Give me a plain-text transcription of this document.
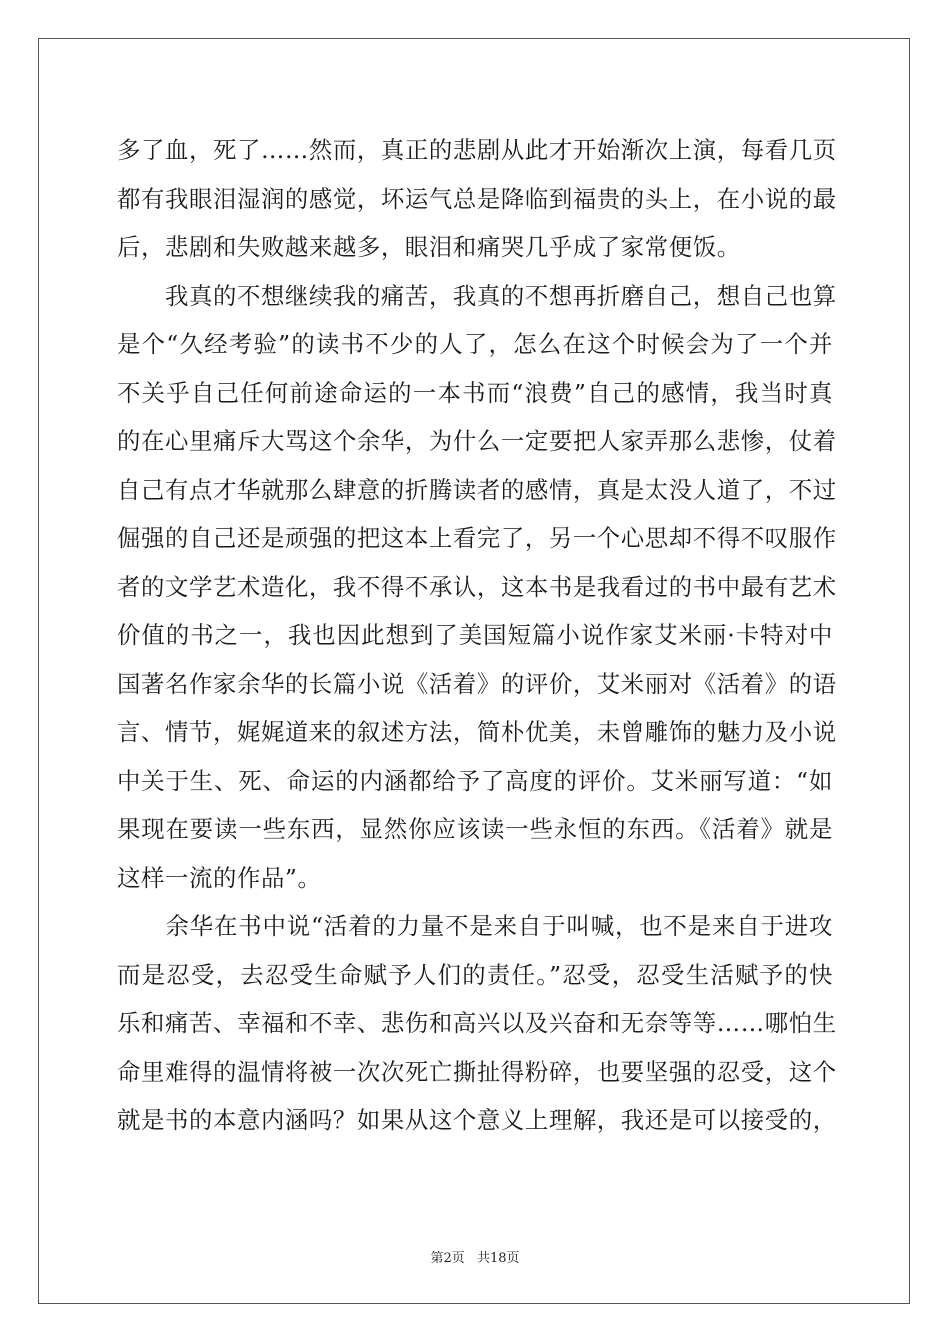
多了血，死了……然而，真正的悲剧从此才开始渐次上演，每看几页
都有我眼泪湿润的感觉，坏运气总是降临到福贵的头上，在小说的最
后，悲剧和失败越来越多，眼泪和痛哭几乎成了家常便饭。
　　我真的不想继续我的痛苦，我真的不想再折磨自己，想自己也算
是个“久经考验”的读书不少的人了，怎么在这个时候会为了一个并
不关乎自己任何前途命运的一本书而“浪费”自己的感情，我当时真
的在心里痛斥大骂这个余华，为什么一定要把人家弄那么悲惨，仗着
自己有点才华就那么肆意的折腾读者的感情，真是太没人道了，不过
倔强的自己还是顽强的把这本上看完了，另一个心思却不得不叹服作
者的文学艺术造化，我不得不承认，这本书是我看过的书中最有艺术
价值的书之一，我也因此想到了美国短篇小说作家艾米丽·卡特对中
国著名作家余华的长篇小说《活着》的评价，艾米丽对《活着》的语
言、情节，娓娓道来的叙述方法，简朴优美，未曾雕饰的魅力及小说
中关于生、死、命运的内涵都给予了高度的评价。艾米丽写道：“如
果现在要读一些东西，显然你应该读一些永恒的东西。《活着》就是
这样一流的作品”。
　　余华在书中说“活着的力量不是来自于叫喊，也不是来自于进攻
而是忍受，去忍受生命赋予人们的责任。”忍受，忍受生活赋予的快
乐和痛苦、幸福和不幸、悲伤和高兴以及兴奋和无奈等等……哪怕生
命里难得的温情将被一次次死亡撕扯得粉碎，也要坚强的忍受，这个
就是书的本意内涵吗？如果从这个意义上理解，我还是可以接受的，
第2页 共18页
